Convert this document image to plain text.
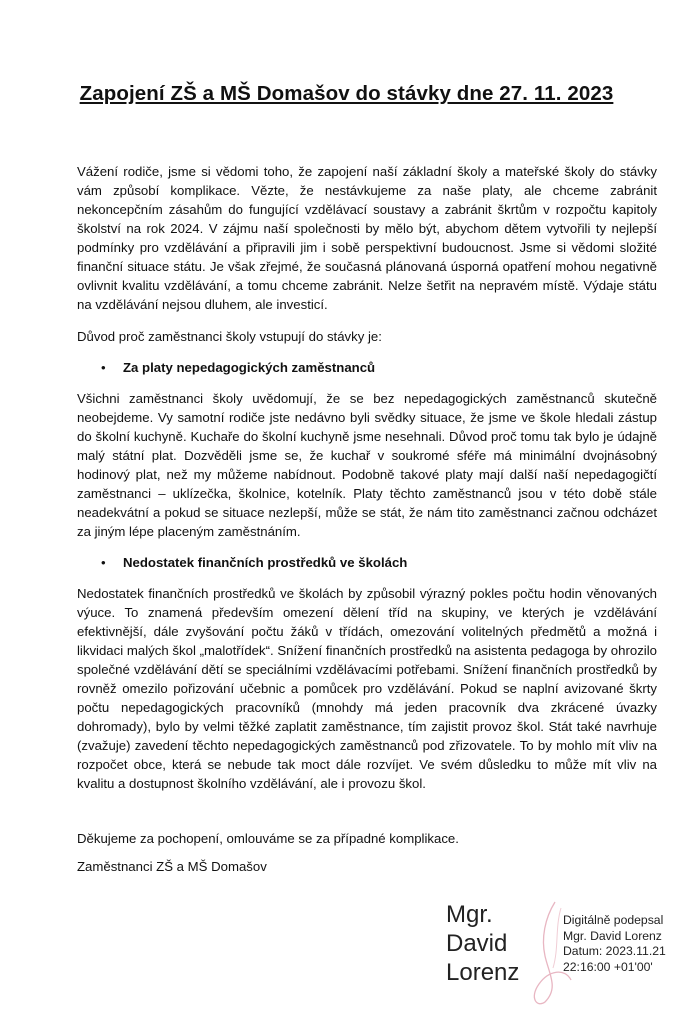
Zapojení ZŠ a MŠ Domašov do stávky dne 27. 11. 2023

Vážení rodiče, jsme si vědomi toho, že zapojení naší základní školy a mateřské školy do stávky vám způsobí komplikace. Vězte, že nestávkujeme za naše platy, ale chceme zabránit nekoncepčním zásahům do fungující vzdělávací soustavy a zabránit škrtům v rozpočtu kapitoly školství na rok 2024. V zájmu naší společnosti by mělo být, abychom dětem vytvořili ty nejlepší podmínky pro vzdělávání a připravili jim i sobě perspektivní budoucnost. Jsme si vědomi složité finanční situace státu. Je však zřejmé, že současná plánovaná úsporná opatření mohou negativně ovlivnit kvalitu vzdělávání, a tomu chceme zabránit. Nelze šetřit na nepravém místě. Výdaje státu na vzdělávání nejsou dluhem, ale investicí.

Důvod proč zaměstnanci školy vstupují do stávky je:

•	Za platy nepedagogických zaměstnanců

Všichni zaměstnanci školy uvědomují, že se bez nepedagogických zaměstnanců skutečně neobejdeme. Vy samotní rodiče jste nedávno byli svědky situace, že jsme ve škole hledali zástup do školní kuchyně. Kuchaře do školní kuchyně jsme nesehnali. Důvod proč tomu tak bylo je údajně malý státní plat. Dozvěděli jsme se, že kuchař v soukromé sféře má minimální dvojnásobný hodinový plat, než my můžeme nabídnout. Podobně takové platy mají další naší nepedagogičtí zaměstnanci – uklízečka, školnice, kotelník. Platy těchto zaměstnanců jsou v této době stále neadekvátní a pokud se situace nezlepší, může se stát, že nám tito zaměstnanci začnou odcházet za jiným lépe placeným zaměstnáním.

•	Nedostatek finančních prostředků ve školách

Nedostatek finančních prostředků ve školách by způsobil výrazný pokles počtu hodin věnovaných výuce. To znamená především omezení dělení tříd na skupiny, ve kterých je vzdělávání efektivnější, dále zvyšování počtu žáků v třídách, omezování volitelných předmětů a možná i likvidaci malých škol „malotřídek“. Snížení finančních prostředků na asistenta pedagoga by ohrozilo společné vzdělávání dětí se speciálními vzdělávacími potřebami. Snížení finančních prostředků by rovněž omezilo pořizování učebnic a pomůcek pro vzdělávání. Pokud se naplní avizované škrty počtu nepedagogických pracovníků (mnohdy má jeden pracovník dva zkrácené úvazky dohromady), bylo by velmi těžké zaplatit zaměstnance, tím zajistit provoz škol. Stát také navrhuje (zvažuje) zavedení těchto nepedagogických zaměstnanců pod zřizovatele. To by mohlo mít vliv na rozpočet obce, která se nebude tak moct dále rozvíjet. Ve svém důsledku to může mít vliv na kvalitu a dostupnost školního vzdělávání, ale i provozu škol.

Děkujeme za pochopení, omlouváme se za případné komplikace.

Zaměstnanci ZŠ a MŠ Domašov

Mgr.
David
Lorenz
Digitálně podepsal
Mgr. David Lorenz
Datum: 2023.11.21
22:16:00 +01'00'
